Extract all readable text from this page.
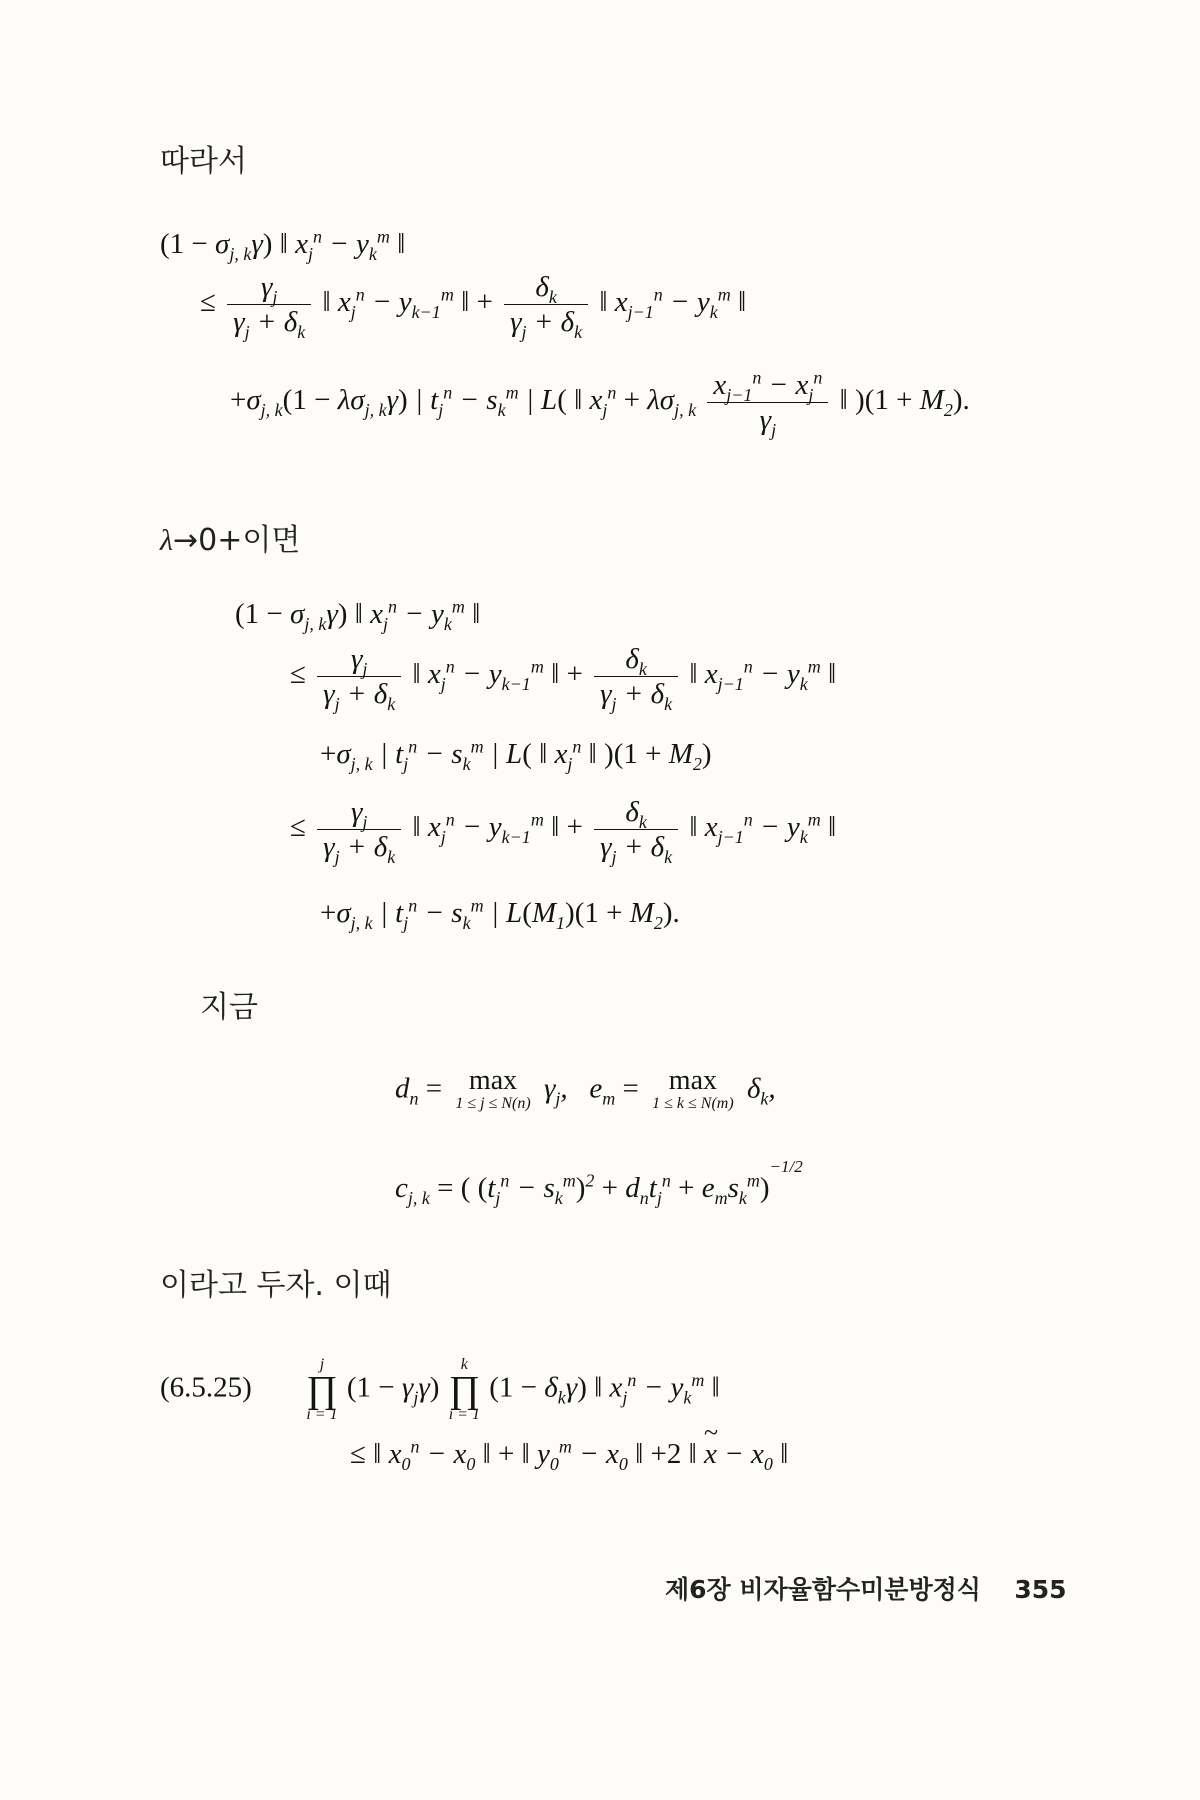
따라서
$(1 - \sigma_{j, k}\gamma)$ ‖ $x_j^n - y_k^m$ ‖
≤ $\frac{\gamma_j}{\gamma_j + \delta_k}$ ‖ $x_j^n - y_{k-1}^m$ ‖ + $\frac{\delta_k}{\gamma_j + \delta_k}$ ‖ $x_{j-1}^n - y_k^m$ ‖
$+\sigma_{j, k}(1 - \lambda\sigma_{j, k}\gamma)$ | $t_j^n - s_k^m$ | L( ‖ $x_j^n + \lambda\sigma_{j, k} \frac{x_{j-1}^n - x_j^n}{\gamma_j}$ ‖ )$(1 + M_2)$.
λ→0+이면
$(1 - \sigma_{j, k}\gamma)$ ‖ $x_j^n - y_k^m$ ‖
≤ $\frac{\gamma_j}{\gamma_j + \delta_k}$ ‖ $x_j^n - y_{k-1}^m$ ‖ + $\frac{\delta_k}{\gamma_j + \delta_k}$ ‖ $x_{j-1}^n - y_k^m$ ‖
$+\sigma_{j, k}$ | $t_j^n - s_k^m$ | L( ‖ $x_j^n$ ‖ )$(1 + M_2)$
≤ $\frac{\gamma_j}{\gamma_j + \delta_k}$ ‖ $x_j^n - y_{k-1}^m$ ‖ + $\frac{\delta_k}{\gamma_j + \delta_k}$ ‖ $x_{j-1}^n - y_k^m$ ‖
$+\sigma_{j, k}$ | $t_j^n - s_k^m$ | $L(M_1)(1 + M_2)$.
지금
$d_n = \max$
1 ≤ j ≤ N(n) $\gamma_j$,   $e_m$ =	max
1 ≤ k ≤ N(m) $\delta_k$,
$c_{j, k}$ = ( $(t_j^n - s_k^m)^2 + d_nt_j^n + e_ms_k^m)^{-1/2}$
이라고 두자. 이때
(6.5.25)
j
∏
i = 1
$(1 - \gamma_j\gamma)$
k
∏
i = 1
$(1 - \delta_k\gamma)$ ‖ $x_j^n - y_k^m$ ‖
≤ ‖ $x_0^n - x_0$ ‖ + ‖ $y_0^m - x_0$ ‖ +2 ‖ ~ $x - x_0$ ‖
제6장 비자율함수미분방정식 355
